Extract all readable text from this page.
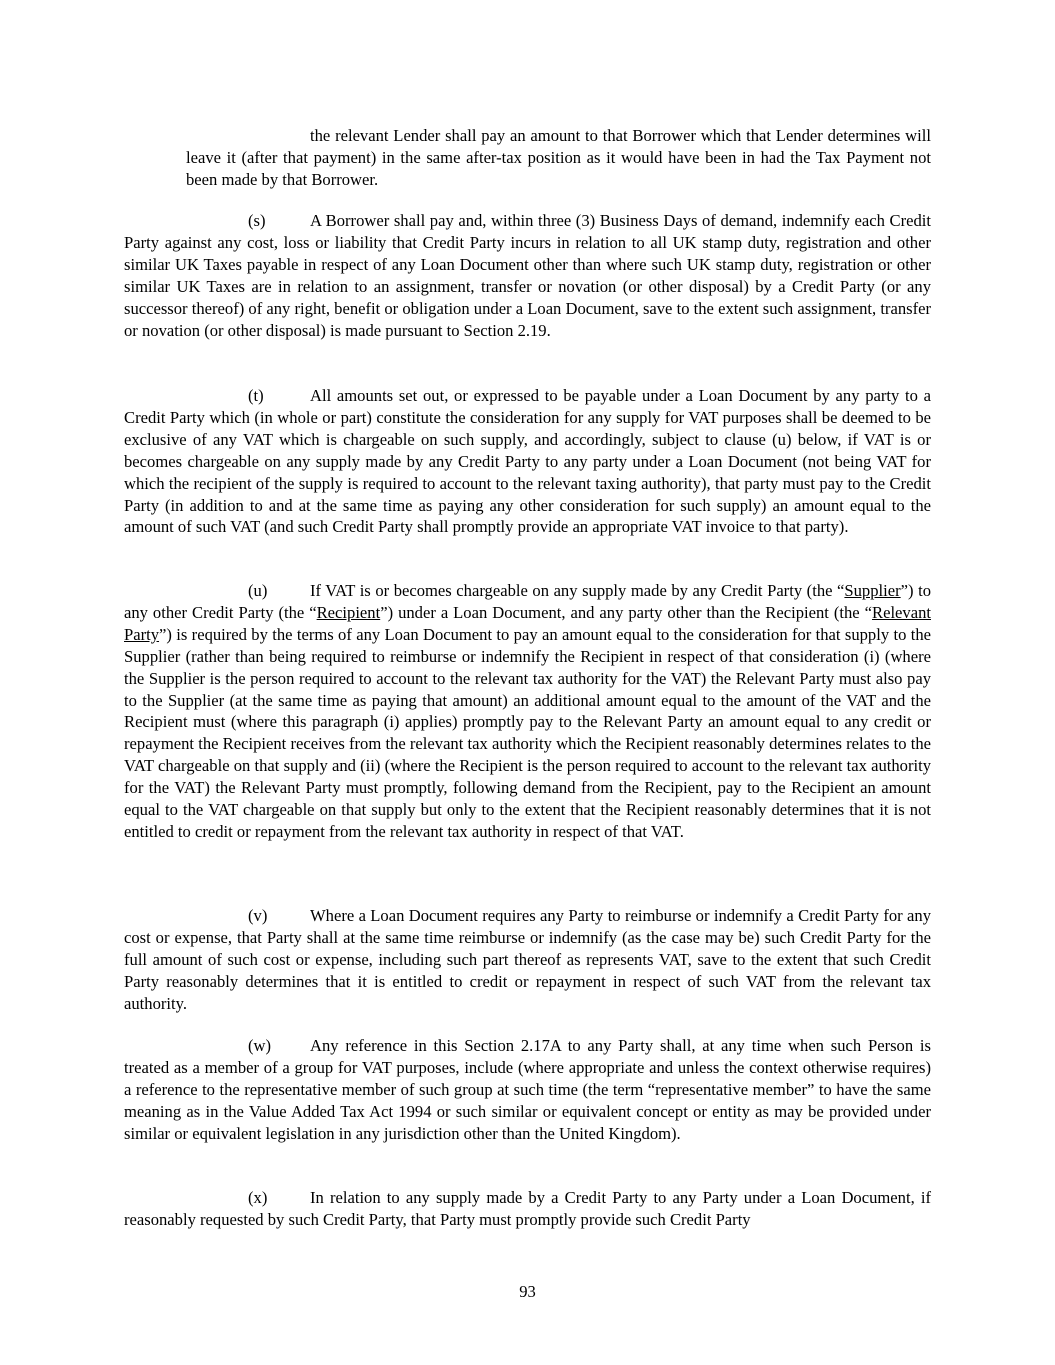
the relevant Lender shall pay an amount to that Borrower which that Lender determines will leave it (after that payment) in the same after-tax position as it would have been in had the Tax Payment not been made by that Borrower.

(s)	A Borrower shall pay and, within three (3) Business Days of demand, indemnify each Credit Party against any cost, loss or liability that Credit Party incurs in relation to all UK stamp duty, registration and other similar UK Taxes payable in respect of any Loan Document other than where such UK stamp duty, registration or other similar UK Taxes are in relation to an assignment, transfer or novation (or other disposal) by a Credit Party (or any successor thereof) of any right, benefit or obligation under a Loan Document, save to the extent such assignment, transfer or novation (or other disposal) is made pursuant to Section 2.19.

(t)	All amounts set out, or expressed to be payable under a Loan Document by any party to a Credit Party which (in whole or part) constitute the consideration for any supply for VAT purposes shall be deemed to be exclusive of any VAT which is chargeable on such supply, and accordingly, subject to clause (u) below, if VAT is or becomes chargeable on any supply made by any Credit Party to any party under a Loan Document (not being VAT for which the recipient of the supply is required to account to the relevant taxing authority), that party must pay to the Credit Party (in addition to and at the same time as paying any other consideration for such supply) an amount equal to the amount of such VAT (and such Credit Party shall promptly provide an appropriate VAT invoice to that party).

(u)	If VAT is or becomes chargeable on any supply made by any Credit Party (the “Supplier”) to any other Credit Party (the “Recipient”) under a Loan Document, and any party other than the Recipient (the “Relevant Party”) is required by the terms of any Loan Document to pay an amount equal to the consideration for that supply to the Supplier (rather than being required to reimburse or indemnify the Recipient in respect of that consideration (i) (where the Supplier is the person required to account to the relevant tax authority for the VAT) the Relevant Party must also pay to the Supplier (at the same time as paying that amount) an additional amount equal to the amount of the VAT and the Recipient must (where this paragraph (i) applies) promptly pay to the Relevant Party an amount equal to any credit or repayment the Recipient receives from the relevant tax authority which the Recipient reasonably determines relates to the VAT chargeable on that supply and (ii) (where the Recipient is the person required to account to the relevant tax authority for the VAT) the Relevant Party must promptly, following demand from the Recipient, pay to the Recipient an amount equal to the VAT chargeable on that supply but only to the extent that the Recipient reasonably determines that it is not entitled to credit or repayment from the relevant tax authority in respect of that VAT.

(v)	Where a Loan Document requires any Party to reimburse or indemnify a Credit Party for any cost or expense, that Party shall at the same time reimburse or indemnify (as the case may be) such Credit Party for the full amount of such cost or expense, including such part thereof as represents VAT, save to the extent that such Credit Party reasonably determines that it is entitled to credit or repayment in respect of such VAT from the relevant tax authority.

(w) Any reference in this Section 2.17A to any Party shall, at any time when such Person is treated as a member of a group for VAT purposes, include (where appropriate and unless the context otherwise requires) a reference to the representative member of such group at such time (the term “representative member” to have the same meaning as in the Value Added Tax Act 1994 or such similar or equivalent concept or entity as may be provided under similar or equivalent legislation in any jurisdiction other than the United Kingdom).

(x)	In relation to any supply made by a Credit Party to any Party under a Loan Document, if reasonably requested by such Credit Party, that Party must promptly provide such Credit Party

93
